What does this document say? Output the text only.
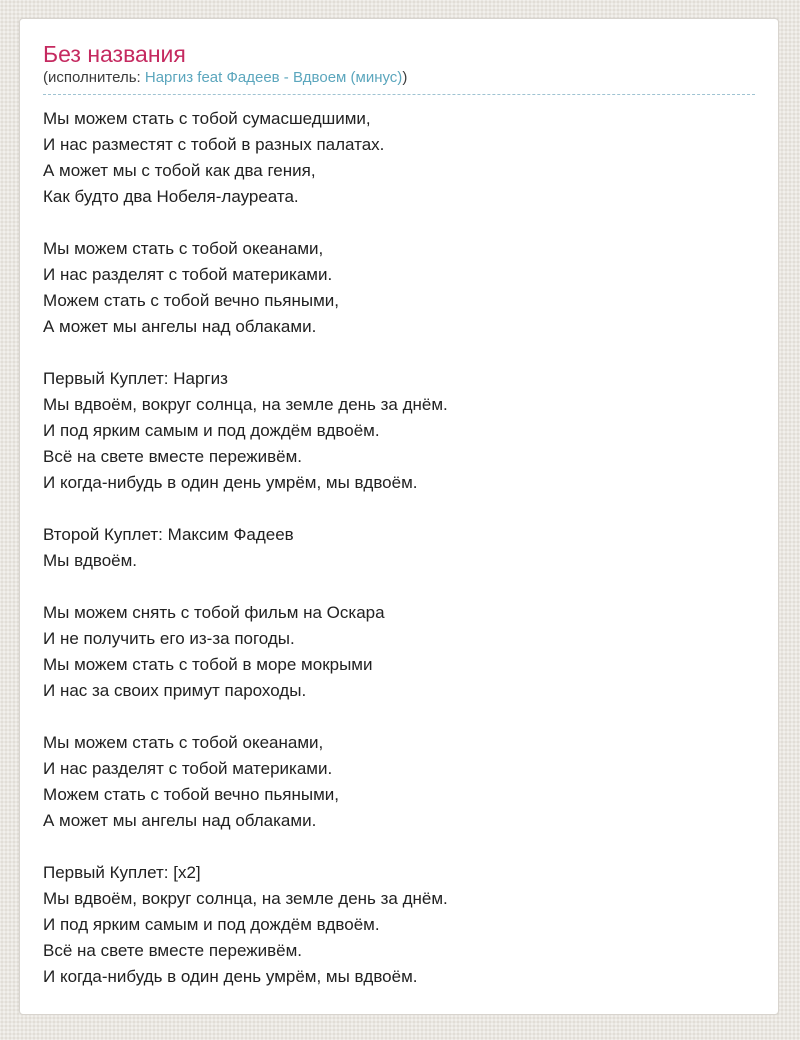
Без названия
(исполнитель: Наргиз feat Фадеев - Вдвоем (минус))
Мы можем стать с тобой сумасшедшими,
И нас разместят с тобой в разных палатах.
А может мы с тобой как два гения,
Как будто два Нобеля-лауреата.
Мы можем стать с тобой океанами,
И нас разделят с тобой материками.
Можем стать с тобой вечно пьяными,
А может мы ангелы над облаками.
Первый Куплет: Наргиз
Мы вдвоём, вокруг солнца, на земле день за днём.
И под ярким самым и под дождём вдвоём.
Всё на свете вместе переживём.
И когда-нибудь в один день умрём, мы вдвоём.
Второй Куплет: Максим Фадеев
Мы вдвоём.
Мы можем снять с тобой фильм на Оскара
И не получить его из-за погоды.
Мы можем стать с тобой в море мокрыми
И нас за своих примут пароходы.
Мы можем стать с тобой океанами,
И нас разделят с тобой материками.
Можем стать с тобой вечно пьяными,
А может мы ангелы над облаками.
Первый Куплет: [x2]
Мы вдвоём, вокруг солнца, на земле день за днём.
И под ярким самым и под дождём вдвоём.
Всё на свете вместе переживём.
И когда-нибудь в один день умрём, мы вдвоём.
